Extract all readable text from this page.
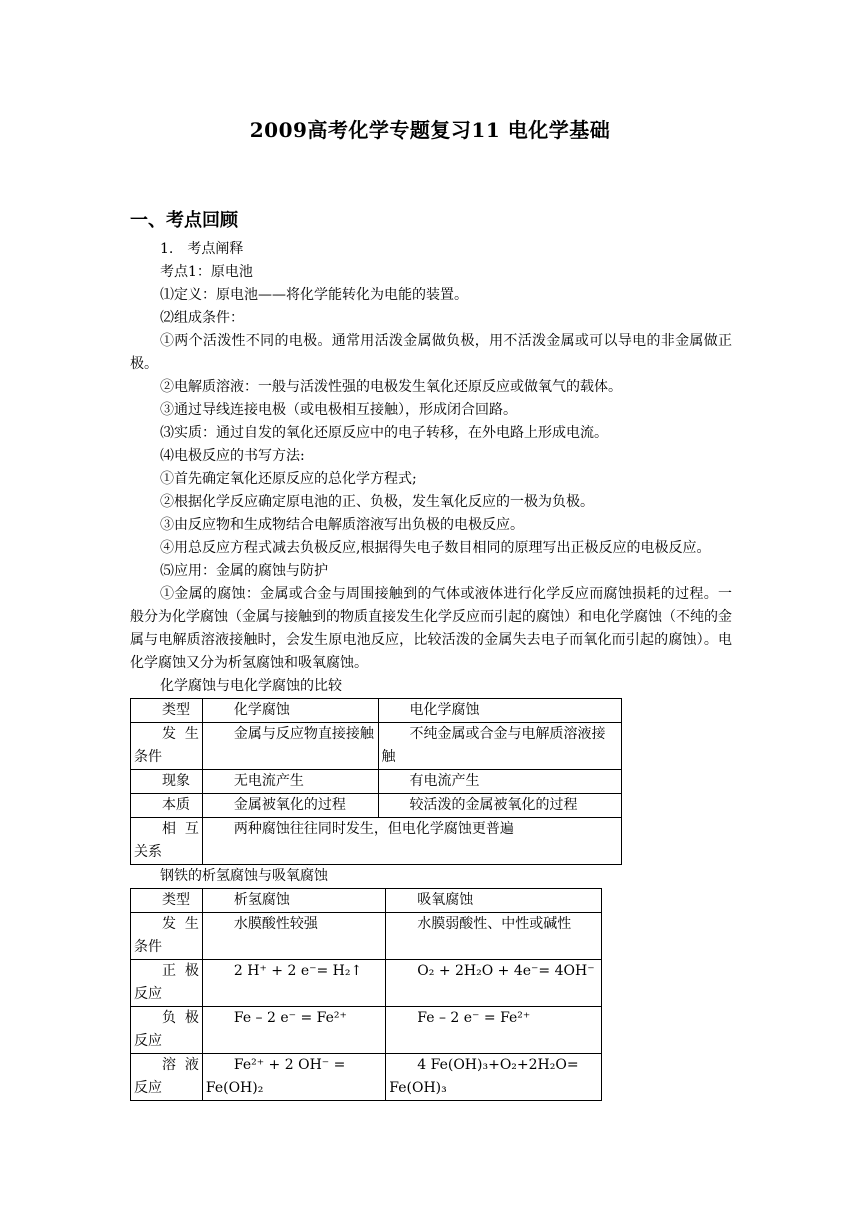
2009高考化学专题复习11 电化学基础
一、考点回顾

1.　考点阐释

考点1：原电池

⑴定义：原电池——将化学能转化为电能的装置。

⑵组成条件：

①两个活泼性不同的电极。通常用活泼金属做负极，用不活泼金属或可以导电的非金属做正极。

②电解质溶液：一般与活泼性强的电极发生氧化还原反应或做氧气的载体。

③通过导线连接电极（或电极相互接触），形成闭合回路。

⑶实质：通过自发的氧化还原反应中的电子转移，在外电路上形成电流。

⑷电极反应的书写方法:

①首先确定氧化还原反应的总化学方程式;

②根据化学反应确定原电池的正、负极，发生氧化反应的一极为负极。

③由反应物和生成物结合电解质溶液写出负极的电极反应。

④用总反应方程式减去负极反应,根据得失电子数目相同的原理写出正极反应的电极反应。

⑸应用：金属的腐蚀与防护

①金属的腐蚀：金属或合金与周围接触到的气体或液体进行化学反应而腐蚀损耗的过程。一般分为化学腐蚀（金属与接触到的物质直接发生化学反应而引起的腐蚀）和电化学腐蚀（不纯的金属与电解质溶液接触时，会发生原电池反应，比较活泼的金属失去电子而氧化而引起的腐蚀）。电化学腐蚀又分为析氢腐蚀和吸氧腐蚀。

化学腐蚀与电化学腐蚀的比较
类型	化学腐蚀	电化学腐蚀

发生条件	金属与反应物直接接触	不纯金属或合金与电解质溶液接触

现象	无电流产生	有电流产生

本质	金属被氧化的过程	较活泼的金属被氧化的过程

相互关系	两种腐蚀往往同时发生，但电化学腐蚀更普遍	
钢铁的析氢腐蚀与吸氧腐蚀
类型	析氢腐蚀	吸氧腐蚀

发生条件	水膜酸性较强	水膜弱酸性、中性或碱性

正极反应	2 H⁺ + 2 e⁻= H₂↑	O₂ + 2H₂O + 4e⁻= 4OH⁻

负极反应	Fe – 2 e⁻ = Fe²⁺	Fe – 2 e⁻ = Fe²⁺

溶液反应	Fe²⁺ + 2 OH⁻ = Fe(OH)₂	4 Fe(OH)₃+O₂+2H₂O= Fe(OH)₃
